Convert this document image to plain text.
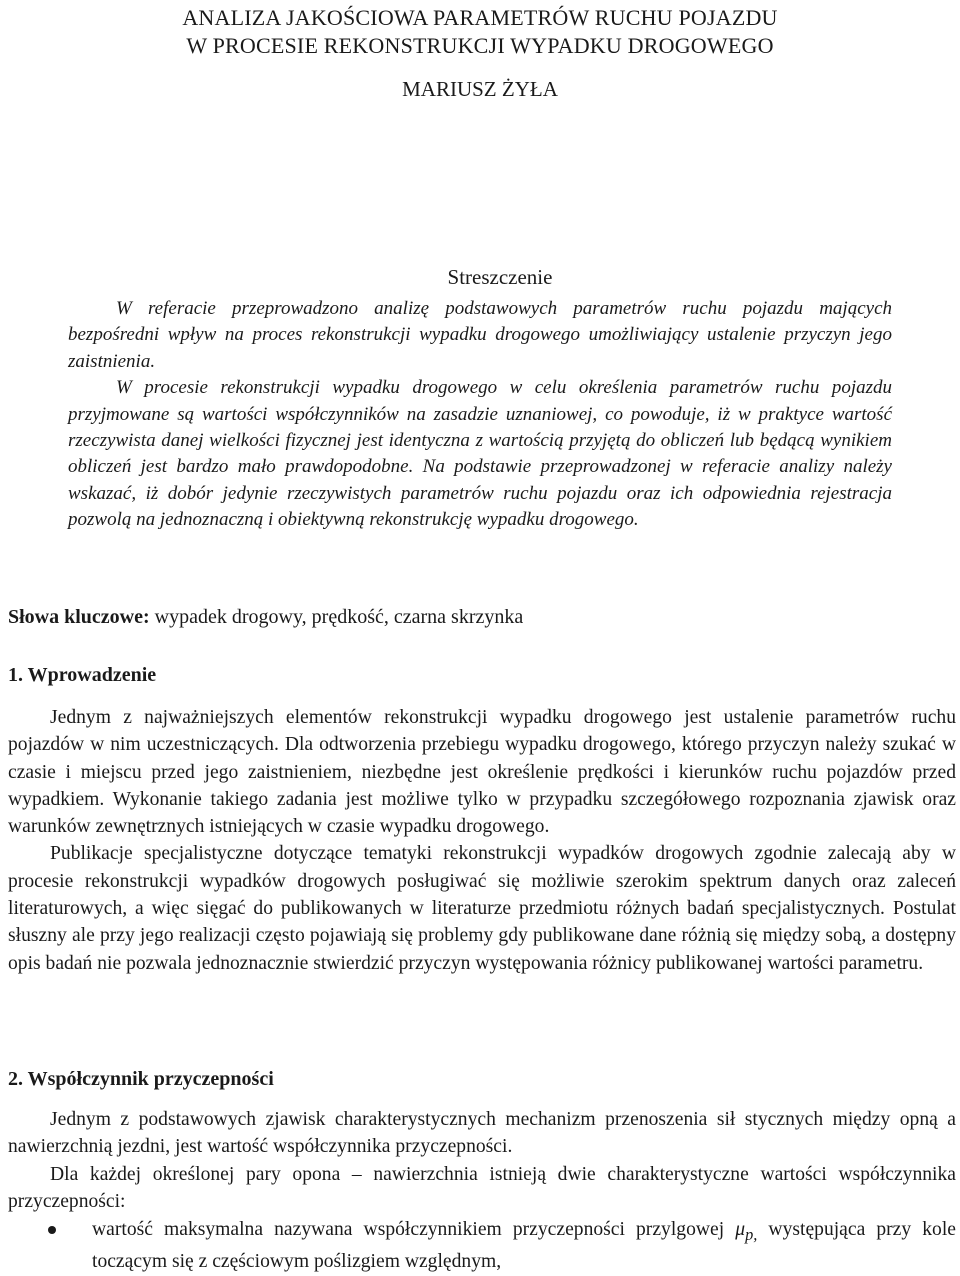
ANALIZA JAKOŚCIOWA PARAMETRÓW RUCHU POJAZDU
W PROCESIE REKONSTRUKCJI WYPADKU DROGOWEGO
MARIUSZ ŻYŁA
Streszczenie

W referacie przeprowadzono analizę podstawowych parametrów ruchu pojazdu mających bezpośredni wpływ na proces rekonstrukcji wypadku drogowego umożliwiający ustalenie przyczyn jego zaistnienia.

W procesie rekonstrukcji wypadku drogowego w celu określenia parametrów ruchu pojazdu przyjmowane są wartości współczynników na zasadzie uznaniowej, co powoduje, iż w praktyce wartość rzeczywista danej wielkości fizycznej jest identyczna z wartością przyjętą do obliczeń lub będącą wynikiem obliczeń jest bardzo mało prawdopodobne. Na podstawie przeprowadzonej w referacie analizy należy wskazać, iż dobór jedynie rzeczywistych parametrów ruchu pojazdu oraz ich odpowiednia rejestracja pozwolą na jednoznaczną i obiektywną rekonstrukcję wypadku drogowego.

Słowa kluczowe: wypadek drogowy, prędkość, czarna skrzynka
1. Wprowadzenie

Jednym z najważniejszych elementów rekonstrukcji wypadku drogowego jest ustalenie parametrów ruchu pojazdów w nim uczestniczących. Dla odtworzenia przebiegu wypadku drogowego, którego przyczyn należy szukać w czasie i miejscu przed jego zaistnieniem, niezbędne jest określenie prędkości i kierunków ruchu pojazdów przed wypadkiem. Wykonanie takiego zadania jest możliwe tylko w przypadku szczegółowego rozpoznania zjawisk oraz warunków zewnętrznych istniejących w czasie wypadku drogowego.

Publikacje specjalistyczne dotyczące tematyki rekonstrukcji wypadków drogowych zgodnie zalecają aby w procesie rekonstrukcji wypadków drogowych posługiwać się możliwie szerokim spektrum danych oraz zaleceń literaturowych, a więc sięgać do publikowanych w literaturze przedmiotu różnych badań specjalistycznych. Postulat słuszny ale przy jego realizacji często pojawiają się problemy gdy publikowane dane różnią się między sobą, a dostępny opis badań nie pozwala jednoznacznie stwierdzić przyczyn występowania różnicy publikowanej wartości parametru.

2. Współczynnik przyczepności

Jednym z podstawowych zjawisk charakterystycznych mechanizm przenoszenia sił stycznych między opną a nawierzchnią jezdni, jest wartość współczynnika przyczepności.

Dla każdej określonej pary opona – nawierzchnia istnieją dwie charakterystyczne wartości współczynnika przyczepności:

wartość maksymalna nazywana współczynnikiem przyczepności przylgowej $\mu_{p,}$ występująca przy kole toczącym się z częściowym poślizgiem względnym,
